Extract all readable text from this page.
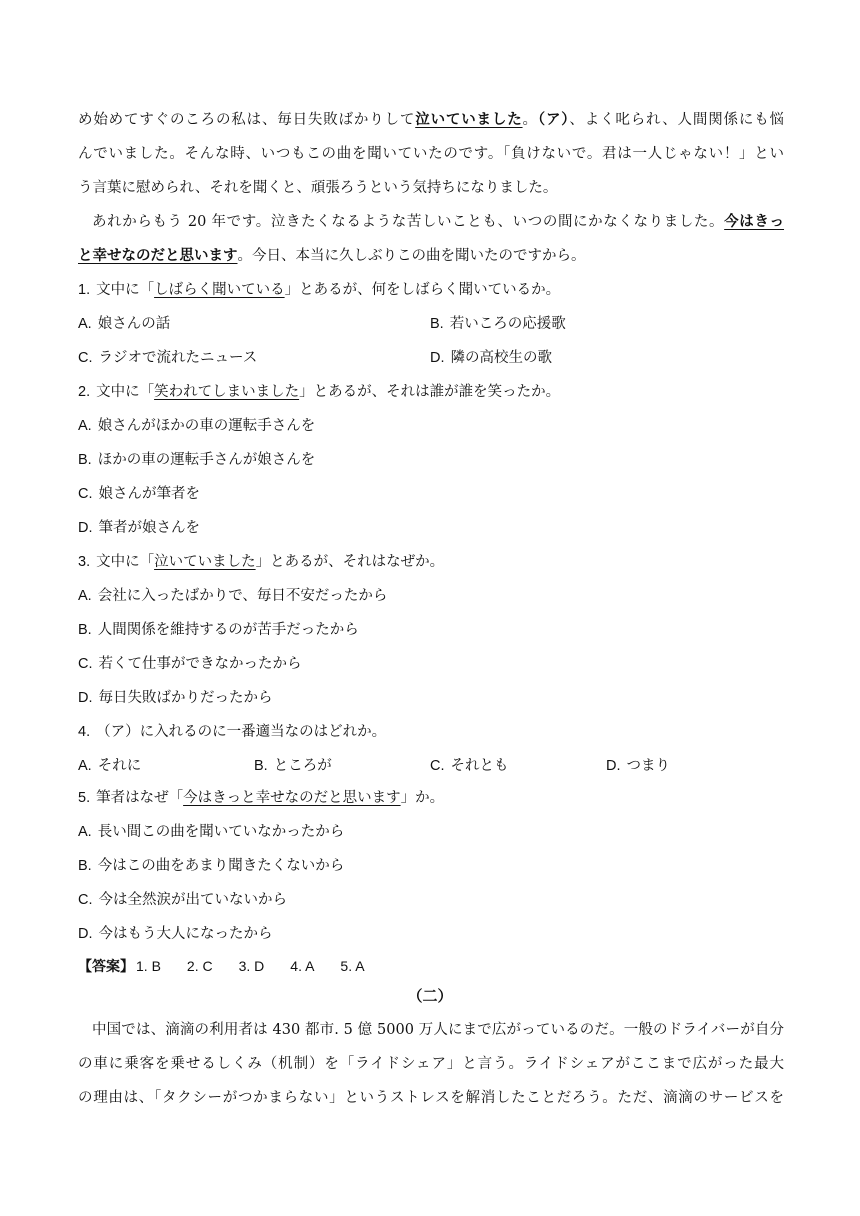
め始めてすぐのころの私は、毎日失敗ばかりして泣いていました。（ア）、よく叱られ、人間関係にも悩
んでいました。そんな時、いつもこの曲を聞いていたのです。「負けないで。君は一人じゃない！」とい
う言葉に慰められ、それを聞くと、頑張ろうという気持ちになりました。
あれからもう 20 年です。泣きたくなるような苦しいことも、いつの間にかなくなりました。今はきっ
と幸せなのだと思います。今日、本当に久しぶりこの曲を聞いたのですから。
1. 文中に「しばらく聞いている」とあるが、何をしばらく聞いているか。
A. 娘さんの話	B. 若いころの応援歌
C. ラジオで流れたニュース	D. 隣の高校生の歌
2. 文中に「笑われてしまいました」とあるが、それは誰が誰を笑ったか。
A. 娘さんがほかの車の運転手さんを
B. ほかの車の運転手さんが娘さんを
C. 娘さんが筆者を
D. 筆者が娘さんを
3. 文中に「泣いていました」とあるが、それはなぜか。
A. 会社に入ったばかりで、毎日不安だったから
B. 人間関係を維持するのが苦手だったから
C. 若くて仕事ができなかったから
D. 毎日失敗ばかりだったから
4. （ア）に入れるのに一番適当なのはどれか。
A. それに	B. ところが	C. それとも	D. つまり
5. 筆者はなぜ「今はきっと幸せなのだと思います」か。
A. 長い間この曲を聞いていなかったから
B. 今はこの曲をあまり聞きたくないから
C. 今は全然涙が出ていないから
D. 今はもう大人になったから
【答案】 1. B 2. C 3. D 4. A 5. A
（二）
中国では、滴滴の利用者は 430 都市. 5 億 5000 万人にまで広がっているのだ。一般のドライバーが自分
の車に乗客を乗せるしくみ（机制）を「ライドシェア」と言う。ライドシェアがここまで広がった最大
の理由は、「タクシーがつかまらない」というストレスを解消したことだろう。ただ、滴滴のサービスを
